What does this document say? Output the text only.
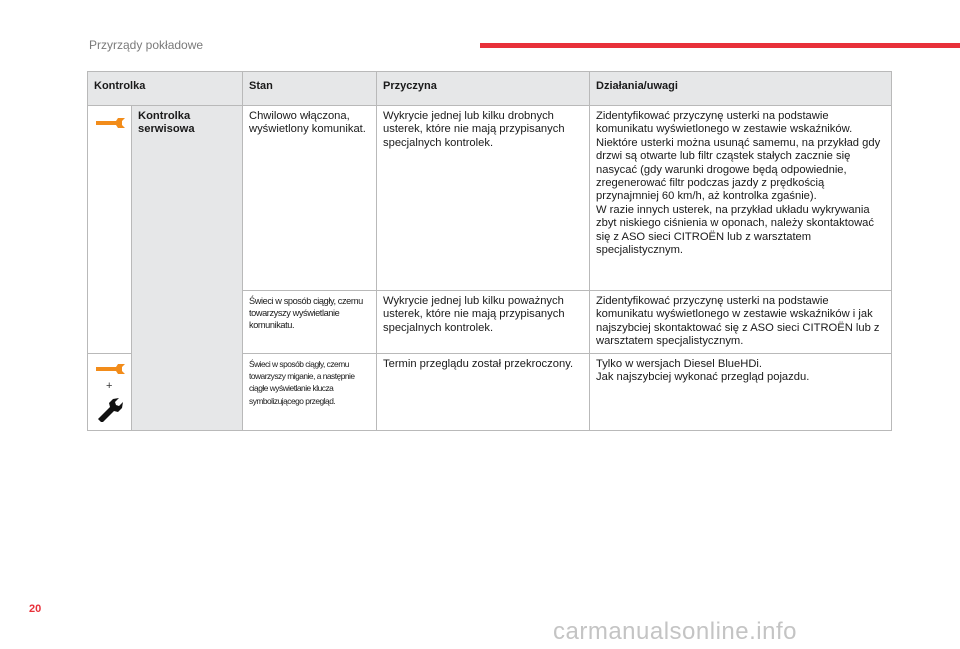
Przyrządy pokładowe
Kontrolka		Stan	Przyczyna	Działania/uwagi

	Kontrolka serwisowa	Chwilowo włączona, wyświetlony komunikat.	Wykrycie jednej lub kilku drobnych usterek, które nie mają przypisanych specjalnych kontrolek.	Zidentyfikować przyczynę usterki na podstawie komunikatu wyświetlonego w zestawie wskaźników.
Niektóre usterki można usunąć samemu, na przykład gdy drzwi są otwarte lub filtr cząstek stałych zacznie się nasycać (gdy warunki drogowe będą odpowiednie, zregenerować filtr podczas jazdy z prędkością przynajmniej 60 km/h, aż kontrolka zgaśnie).
W razie innych usterek, na przykład układu wykrywania zbyt niskiego ciśnienia w oponach, należy skontaktować się z ASO sieci CITROËN lub z warsztatem specjalistycznym.
		Świeci w sposób ciągły, czemu towarzyszy wyświetlanie komunikatu.	Wykrycie jednej lub kilku poważnych usterek, które nie mają przypisanych specjalnych kontrolek.	Zidentyfikować przyczynę usterki na podstawie komunikatu wyświetlonego w zestawie wskaźników i jak najszybciej skontaktować się z ASO sieci CITROËN lub z warsztatem specjalistycznym.

+		Świeci w sposób ciągły, czemu towarzyszy miganie, a następnie ciągłe wyświetlanie klucza symbolizującego przegląd.	Termin przeglądu został przekroczony.	Tylko w wersjach Diesel BlueHDi.
Jak najszybciej wykonać przegląd pojazdu.
20
carmanualsonline.info
